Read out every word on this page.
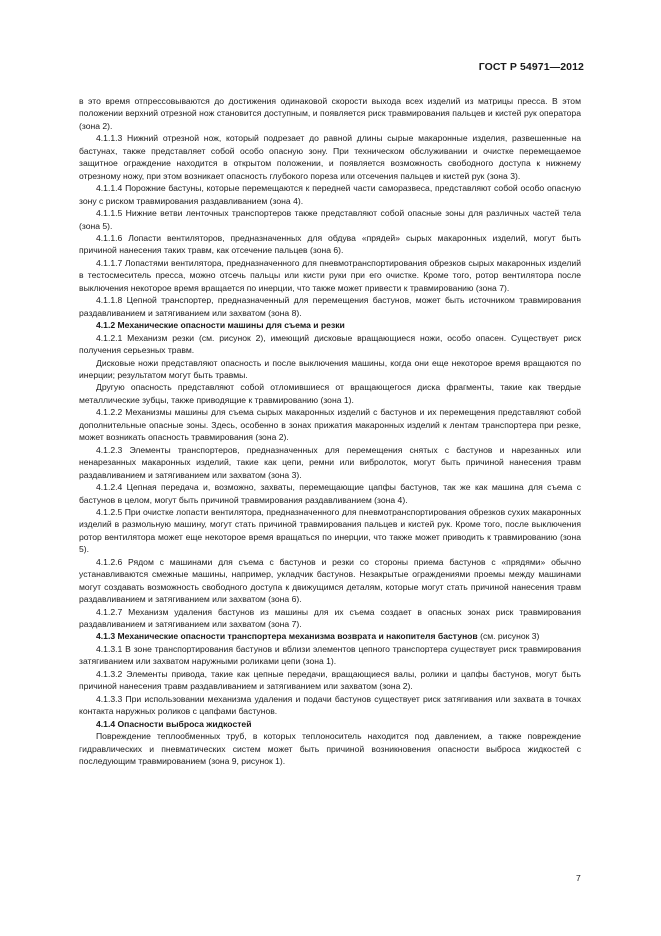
ГОСТ Р 54971—2012

в это время отпрессовываются до достижения одинаковой скорости выхода всех изделий из матрицы пресса. В этом положении верхний отрезной нож становится доступным, и появляется риск травмирования пальцев и кистей рук оператора (зона 2).

4.1.1.3 Нижний отрезной нож, который подрезает до равной длины сырые макаронные изделия, развешенные на бастунах, также представляет собой особо опасную зону. При техническом обслуживании и очистке перемещаемое защитное ограждение находится в открытом положении, и появляется возможность свободного доступа к нижнему отрезному ножу, при этом возникает опасность глубокого пореза или отсечения пальцев и кистей рук (зона 3).

4.1.1.4 Порожние бастуны, которые перемещаются к передней части саморазвеса, представляют собой особо опасную зону с риском травмирования раздавливанием (зона 4).

4.1.1.5 Нижние ветви ленточных транспортеров также представляют собой опасные зоны для различных частей тела (зона 5).

4.1.1.6 Лопасти вентиляторов, предназначенных для обдува «прядей» сырых макаронных изделий, могут быть причиной нанесения таких травм, как отсечение пальцев (зона 6).

4.1.1.7 Лопастями вентилятора, предназначенного для пневмотранспортирования обрезков сырых макаронных изделий в тестосмеситель пресса, можно отсечь пальцы или кисти руки при его очистке. Кроме того, ротор вентилятора после выключения некоторое время вращается по инерции, что также может привести к травмированию (зона 7).

4.1.1.8 Цепной транспортер, предназначенный для перемещения бастунов, может быть источником травмирования раздавливанием и затягиванием или захватом (зона 8).

4.1.2 Механические опасности машины для съема и резки

4.1.2.1 Механизм резки (см. рисунок 2), имеющий дисковые вращающиеся ножи, особо опасен. Существует риск получения серьезных травм.

Дисковые ножи представляют опасность и после выключения машины, когда они еще некоторое время вращаются по инерции; результатом могут быть травмы.

Другую опасность представляют собой отломившиеся от вращающегося диска фрагменты, такие как твердые металлические зубцы, также приводящие к травмированию (зона 1).

4.1.2.2 Механизмы машины для съема сырых макаронных изделий с бастунов и их перемещения представляют собой дополнительные опасные зоны. Здесь, особенно в зонах прижатия макаронных изделий к лентам транспортера при резке, может возникать опасность травмирования (зона 2).

4.1.2.3 Элементы транспортеров, предназначенных для перемещения снятых с бастунов и нарезанных или ненарезанных макаронных изделий, такие как цепи, ремни или вибролоток, могут быть причиной нанесения травм раздавливанием и затягиванием или захватом (зона 3).

4.1.2.4 Цепная передача и, возможно, захваты, перемещающие цапфы бастунов, так же как машина для съема с бастунов в целом, могут быть причиной травмирования раздавливанием (зона 4).

4.1.2.5 При очистке лопасти вентилятора, предназначенного для пневмотранспортирования обрезков сухих макаронных изделий в размольную машину, могут стать причиной травмирования пальцев и кистей рук. Кроме того, после выключения ротор вентилятора может еще некоторое время вращаться по инерции, что также может приводить к травмированию (зона 5).

4.1.2.6 Рядом с машинами для съема с бастунов и резки со стороны приема бастунов с «прядями» обычно устанавливаются смежные машины, например, укладчик бастунов. Незакрытые ограждениями проемы между машинами могут создавать возможность свободного доступа к движущимся деталям, которые могут стать причиной нанесения травм раздавливанием и затягиванием или захватом (зона 6).

4.1.2.7 Механизм удаления бастунов из машины для их съема создает в опасных зонах риск травмирования раздавливанием и затягиванием или захватом (зона 7).

4.1.3 Механические опасности транспортера механизма возврата и накопителя бастунов (см. рисунок 3)

4.1.3.1 В зоне транспортирования бастунов и вблизи элементов цепного транспортера существует риск травмирования затягиванием или захватом наружными роликами цепи (зона 1).

4.1.3.2 Элементы привода, такие как цепные передачи, вращающиеся валы, ролики и цапфы бастунов, могут быть причиной нанесения травм раздавливанием и затягиванием или захватом (зона 2).

4.1.3.3 При использовании механизма удаления и подачи бастунов существует риск затягивания или захвата в точках контакта наружных роликов с цапфами бастунов.

4.1.4 Опасности выброса жидкостей

Повреждение теплообменных труб, в которых теплоноситель находится под давлением, а также повреждение гидравлических и пневматических систем может быть причиной возникновения опасности выброса жидкостей с последующим травмированием (зона 9, рисунок 1).

7
